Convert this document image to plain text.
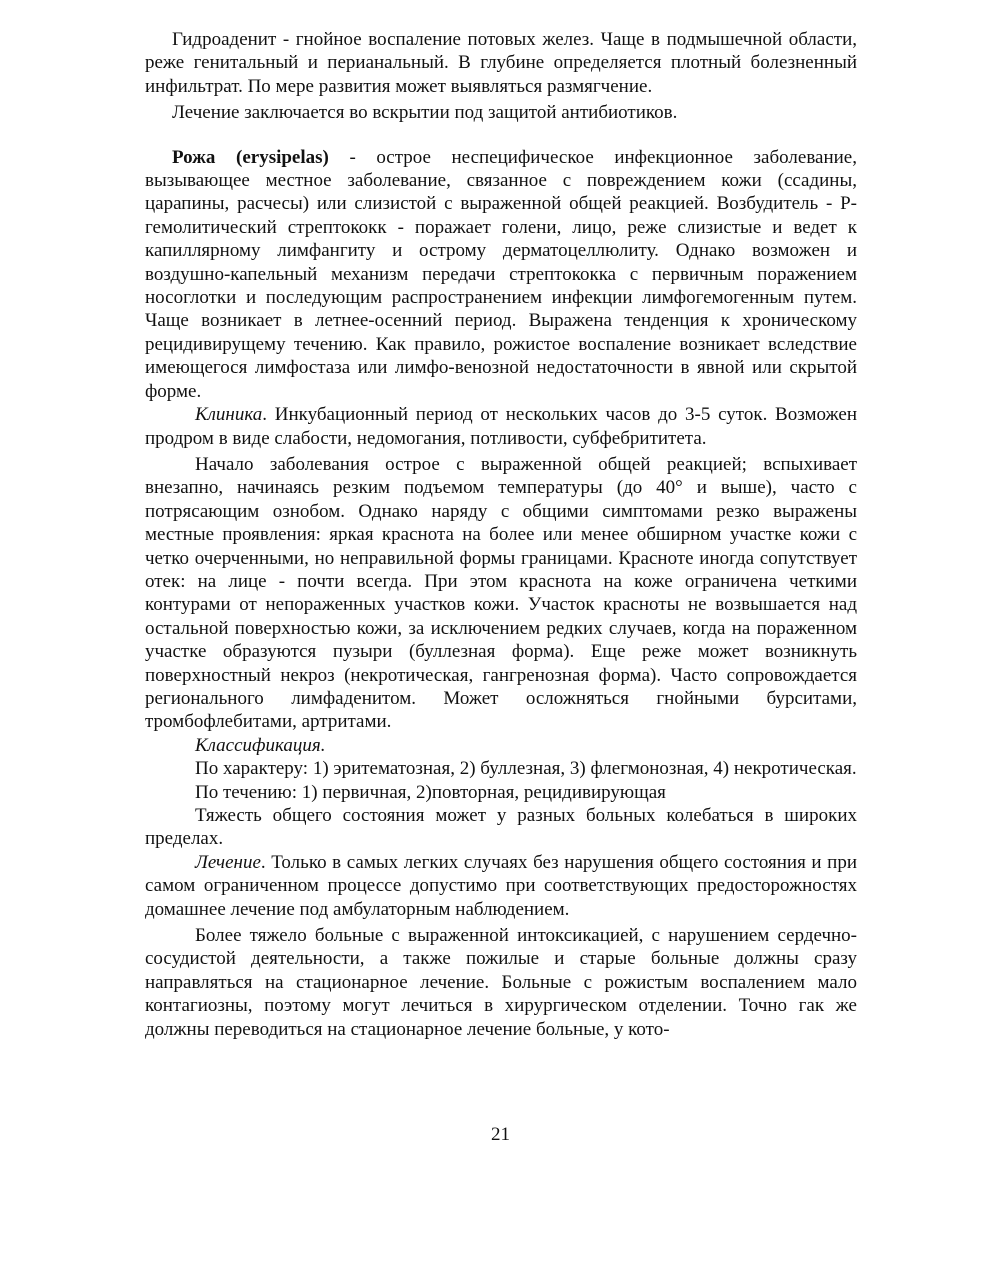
Гидроаденит - гнойное воспаление потовых желез. Чаще в подмышечной области, реже генитальный и перианальный. В глубине определяется плотный болезненный инфильтрат. По мере развития может выявляться размягчение.

Лечение заключается во вскрытии под защитой антибиотиков.

Рожа (erysipelas) - острое неспецифическое инфекционное заболевание, вызывающее местное заболевание, связанное с повреждением кожи (ссадины, царапины, расчесы) или слизистой с выраженной общей реакцией. Возбудитель - Р-гемолитический стрептококк - поражает голени, лицо, реже слизистые и ведет к капиллярному лимфангиту и острому дерматоцеллюлиту. Однако возможен и воздушно-капельный механизм передачи стрептококка с первичным поражением носоглотки и последующим распространением инфекции лимфогемогенным путем. Чаще возникает в летнее-осенний период. Выражена тенденция к хроническому рецидивирущему течению. Как правило, рожистое воспаление возникает вследствие имеющегося лимфостаза или лимфо-венозной недостаточности в явной или скрытой форме.

Клиника. Инкубационный период от нескольких часов до 3-5 суток. Возможен продром в виде слабости, недомогания, потливости, субфебрититета.

Начало заболевания острое с выраженной общей реакцией; вспыхивает внезапно, начинаясь резким подъемом температуры (до 40° и выше), часто с потрясающим ознобом. Однако наряду с общими симптомами резко выражены местные проявления: яркая краснота на более или менее обширном участке кожи с четко очерченными, но неправильной формы границами. Красноте иногда сопутствует отек: на лице - почти всегда. При этом краснота на коже ограничена четкими контурами от непораженных участков кожи. Участок красноты не возвышается над остальной поверхностью кожи, за исключением редких случаев, когда на пораженном участке образуются пузыри (буллезная форма). Еще реже может возникнуть поверхностный некроз (некротическая, гангренозная форма). Часто сопровождается регионального лимфаденитом. Может осложняться гнойными бурситами, тромбофлебитами, артритами.

Классификация.

По характеру: 1) эритематозная, 2) буллезная, 3) флегмонозная, 4) некротическая.

По течению: 1) первичная, 2)повторная, рецидивирующая

Тяжесть общего состояния может у разных больных колебаться в широких пределах.

Лечение. Только в самых легких случаях без нарушения общего состояния и при самом ограниченном процессе допустимо при соответствующих предосторожностях домашнее лечение под амбулаторным наблюдением.

Более тяжело больные с выраженной интоксикацией, с нарушением сердечно-сосудистой деятельности, а также пожилые и старые больные должны сразу направляться на стационарное лечение. Больные с рожистым воспалением мало контагиозны, поэтому могут лечиться в хирургическом отделении. Точно гак же должны переводиться на стационарное лечение больные, у кото-

21
